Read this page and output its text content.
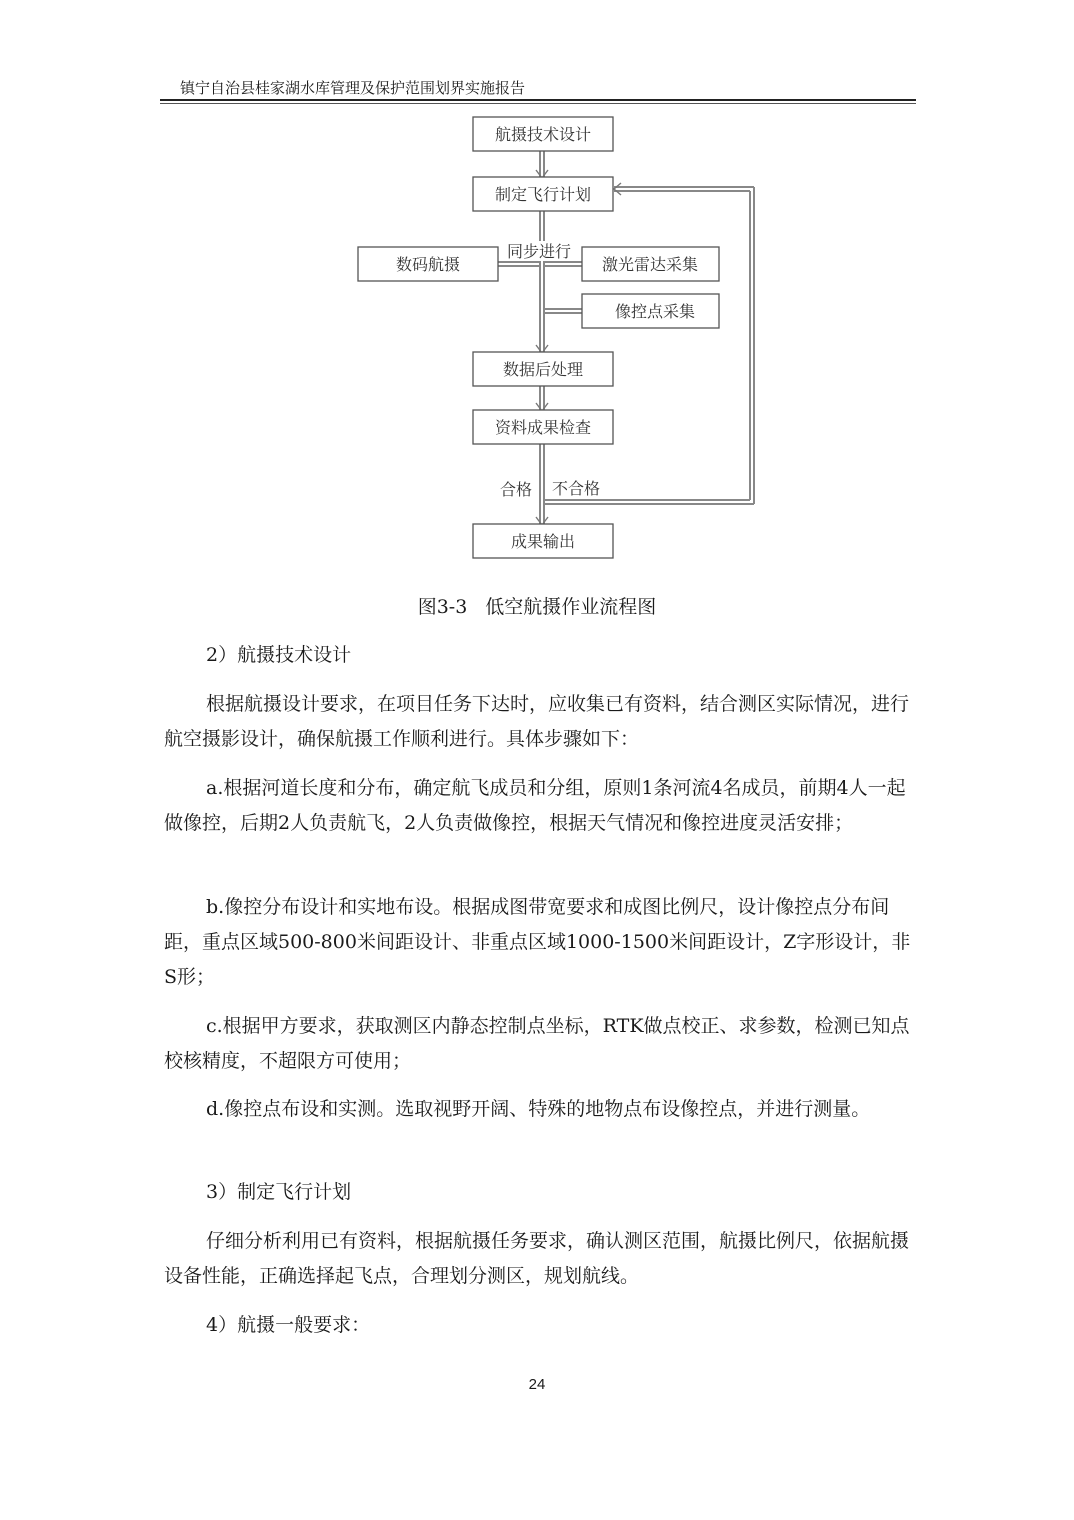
镇宁自治县桂家湖水库管理及保护范围划界实施报告
航摄技术设计
制定飞行计划
数码航摄	激光雷达采集
像控点采集
数据后处理
资料成果检查
成果输出
同步进行
合格 不合格
图3-3 低空航摄作业流程图

2）航摄技术设计

根据航摄设计要求，在项目任务下达时，应收集已有资料，结合测区实际情况，进行航空摄影设计，确保航摄工作顺利进行。具体步骤如下：

a.根据河道长度和分布，确定航飞成员和分组，原则1条河流4名成员，前期4人一起做像控，后期2人负责航飞，2人负责做像控，根据天气情况和像控进度灵活安排；

b.像控分布设计和实地布设。根据成图带宽要求和成图比例尺，设计像控点分布间距，重点区域500-800米间距设计、非重点区域1000-1500米间距设计，Z字形设计，非S形；

c.根据甲方要求，获取测区内静态控制点坐标，RTK做点校正、求参数，检测已知点校核精度，不超限方可使用；

d.像控点布设和实测。选取视野开阔、特殊的地物点布设像控点，并进行测量。

3）制定飞行计划

仔细分析利用已有资料，根据航摄任务要求，确认测区范围，航摄比例尺，依据航摄设备性能，正确选择起飞点，合理划分测区，规划航线。

4）航摄一般要求：

24
